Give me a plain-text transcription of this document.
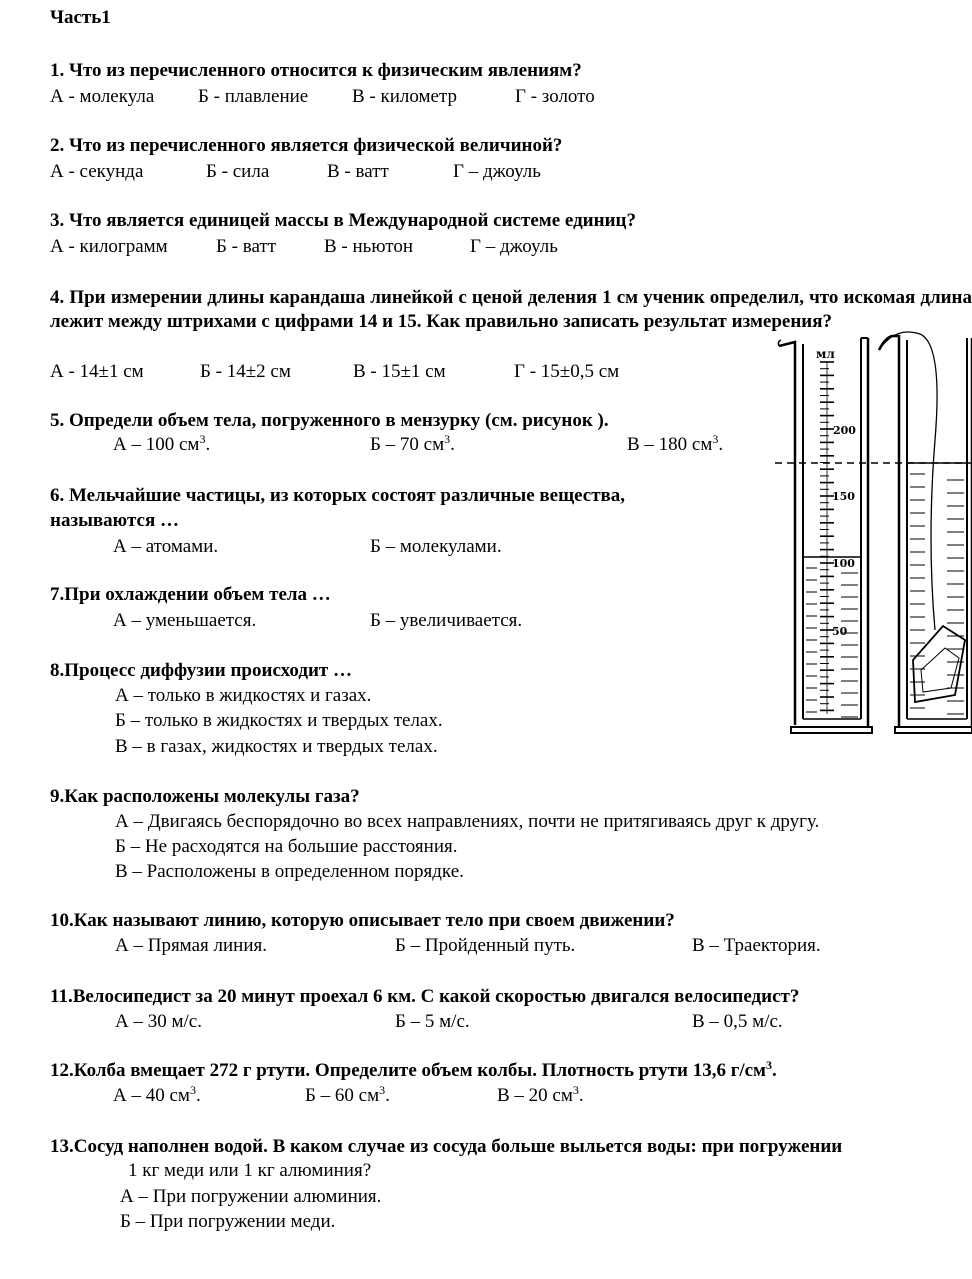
Часть1
1. Что из перечисленного относится к физическим явлениям?
А - молекула Б - плавление В - километр	Г - золото
2. Что из перечисленного является физической величиной?
А - секунда	Б - сила	В - ватт	Г – джоуль
3. Что является единицей массы в Международной системе единиц?
А - килограмм	Б - ватт	В - ньютон	Г – джоуль
4. При измерении длины карандаша линейкой с ценой деления 1 см ученик определил, что искомая длина лежит между штрихами с цифрами 14 и 15. Как правильно записать результат измерения?
А - 14±1 см	Б - 14±2 см	В - 15±1 см	Г - 15±0,5 см
5. Определи объем тела, погруженного в мензурку (см. рисунок ).
А – 100 $см^3$.	Б – 70 $см^3$.	В – 180 $см^3$.
6. Мельчайшие частицы, из которых состоят различные вещества,
называются …
А – атомами.	Б – молекулами.
7.При охлаждении объем тела …
А – уменьшается.	Б – увеличивается.
8.Процесс диффузии происходит …
А – только в жидкостях и газах.
Б – только в жидкостях и твердых телах.
В – в газах, жидкостях и твердых телах.
9.Как расположены молекулы газа?
А – Двигаясь беспорядочно во всех направлениях, почти не притягиваясь друг к другу.
Б – Не расходятся на большие расстояния.
В – Расположены в определенном порядке.
10.Как называют линию, которую описывает тело при своем движении?
А – Прямая линия.	Б – Пройденный путь.	В – Траектория.
11.Велосипедист за 20 минут проехал 6 км. С какой скоростью двигался велосипедист?
А – 30 м/с.	Б – 5 м/с.	В – 0,5 м/с.
12.Колба вмещает 272 г ртути. Определите объем колбы. Плотность ртути 13,6 $г/см^3$.
А – 40 $см^3$.	Б – 60 $см^3$.	В – 20 $см^3$.
13.Сосуд наполнен водой. В каком случае из сосуда больше выльется воды: при погружении
1 кг меди или 1 кг алюминия?
А – При погружении алюминия.
Б – При погружении меди.
мл
200
150
100
50
